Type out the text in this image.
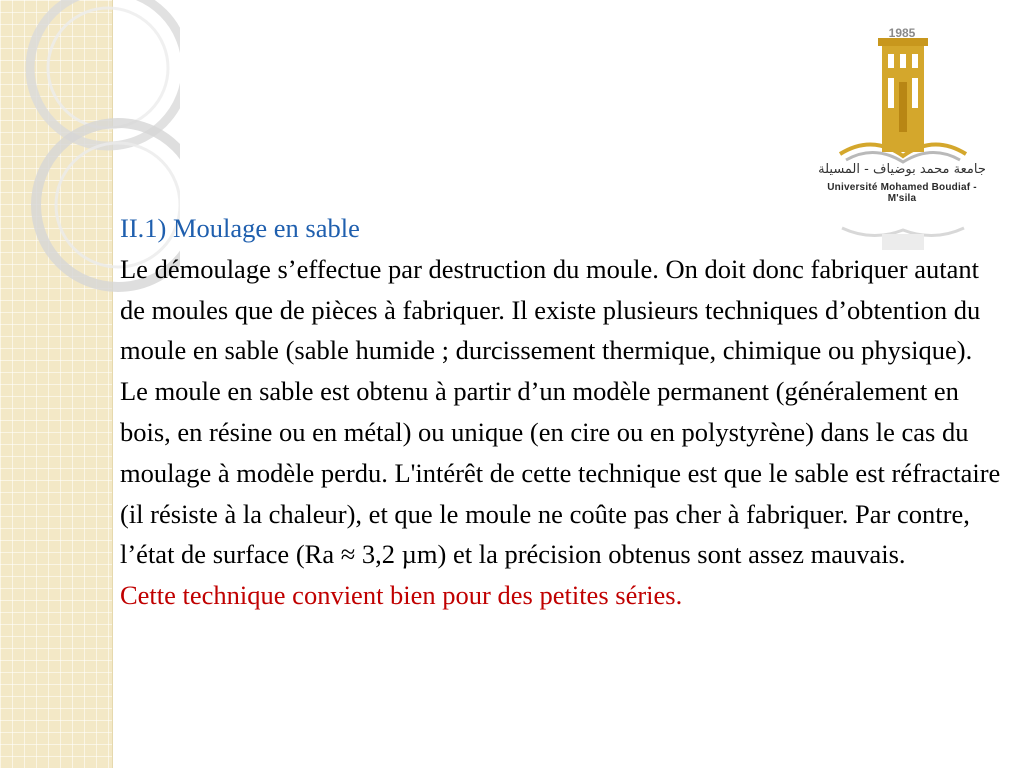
1985
جامعة محمد بوضياف - المسيلة
Université Mohamed Boudiaf - M'sila

II.1) Moulage en sable

Le démoulage s’effectue par destruction du moule. On doit donc fabriquer autant de moules que de pièces à fabriquer. Il existe plusieurs techniques d’obtention du moule en sable (sable humide ; durcissement thermique, chimique ou physique). Le moule en sable est obtenu à partir d’un modèle permanent (généralement en bois, en résine ou en métal) ou unique (en cire ou en polystyrène) dans le cas du moulage à modèle perdu. L'intérêt de cette technique est que le sable est réfractaire (il résiste à la chaleur), et que le moule ne coûte pas cher à fabriquer. Par contre, l’état de surface (Ra ≈ 3,2 µm) et la précision obtenus sont assez mauvais.

Cette technique convient bien pour des petites séries.
